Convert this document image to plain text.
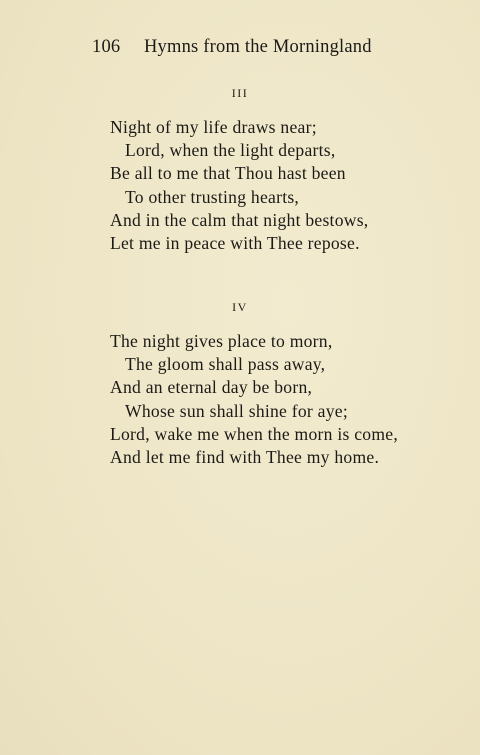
106 Hymns from the Morningland
III
Night of my life draws near;
Lord, when the light departs,
Be all to me that Thou hast been
To other trusting hearts,
And in the calm that night bestows,
Let me in peace with Thee repose.
IV
The night gives place to morn,
The gloom shall pass away,
And an eternal day be born,
Whose sun shall shine for aye;
Lord, wake me when the morn is come,
And let me find with Thee my home.
